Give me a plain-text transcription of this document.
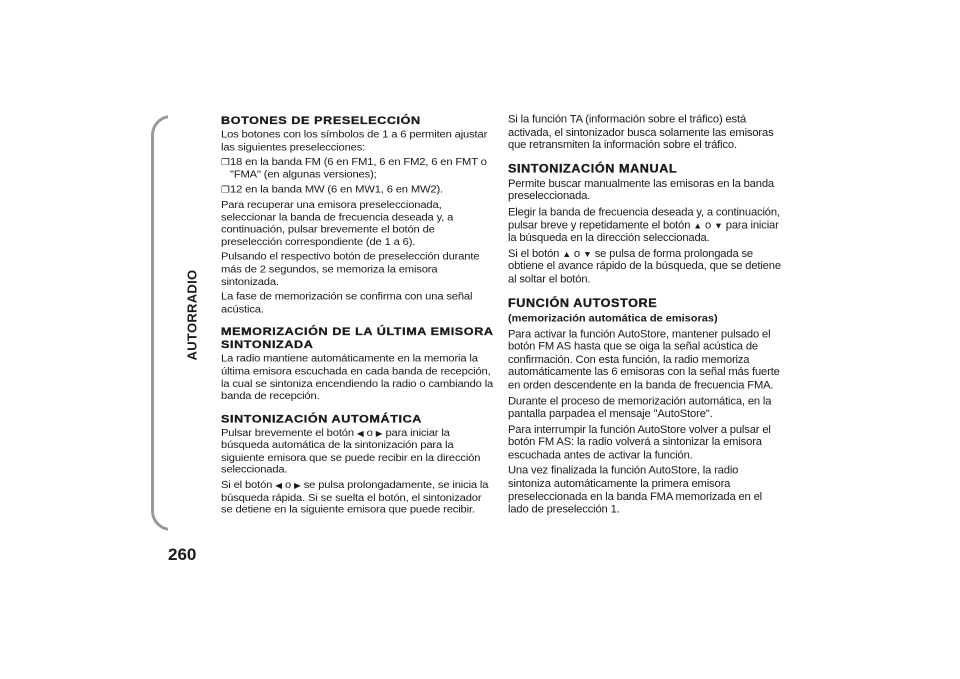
AUTORRADIO
260
BOTONES DE PRESELECCIÓN

Los botones con los símbolos de 1 a 6 permiten ajustar las siguientes preselecciones:

❒18 en la banda FM (6 en FM1, 6 en FM2, 6 en FMT o "FMA" (en algunas versiones);

❒12 en la banda MW (6 en MW1, 6 en MW2).

Para recuperar una emisora preseleccionada, seleccionar la banda de frecuencia deseada y, a continuación, pulsar brevemente el botón de preselección correspondiente (de 1 a 6).

Pulsando el respectivo botón de preselección durante más de 2 segundos, se memoriza la emisora sintonizada.

La fase de memorización se confirma con una señal acústica.

MEMORIZACIÓN DE LA ÚLTIMA EMISORA SINTONIZADA

La radio mantiene automáticamente en la memoria la última emisora escuchada en cada banda de recepción, la cual se sintoniza encendiendo la radio o cambiando la banda de recepción.

SINTONIZACIÓN AUTOMÁTICA

Pulsar brevemente el botón ◀ o ▶ para iniciar la búsqueda automática de la sintonización para la siguiente emisora que se puede recibir en la dirección seleccionada.

Si el botón ◀ o ▶ se pulsa prolongadamente, se inicia la búsqueda rápida. Si se suelta el botón, el sintonizador se detiene en la siguiente emisora que puede recibir.

Si la función TA (información sobre el tráfico) está activada, el sintonizador busca solamente las emisoras que retransmiten la información sobre el tráfico.

SINTONIZACIÓN MANUAL

Permite buscar manualmente las emisoras en la banda preseleccionada.

Elegir la banda de frecuencia deseada y, a continuación, pulsar breve y repetidamente el botón ▲ o ▼ para iniciar la búsqueda en la dirección seleccionada.

Si el botón ▲ o ▼ se pulsa de forma prolongada se obtiene el avance rápido de la búsqueda, que se detiene al soltar el botón.

FUNCIÓN AUTOSTORE
(memorización automática de emisoras)

Para activar la función AutoStore, mantener pulsado el botón FM AS hasta que se oiga la señal acústica de confirmación. Con esta función, la radio memoriza automáticamente las 6 emisoras con la señal más fuerte en orden descendente en la banda de frecuencia FMA.

Durante el proceso de memorización automática, en la pantalla parpadea el mensaje "AutoStore".

Para interrumpir la función AutoStore volver a pulsar el botón FM AS: la radio volverá a sintonizar la emisora escuchada antes de activar la función.

Una vez finalizada la función AutoStore, la radio sintoniza automáticamente la primera emisora preseleccionada en la banda FMA memorizada en el lado de preselección 1.
